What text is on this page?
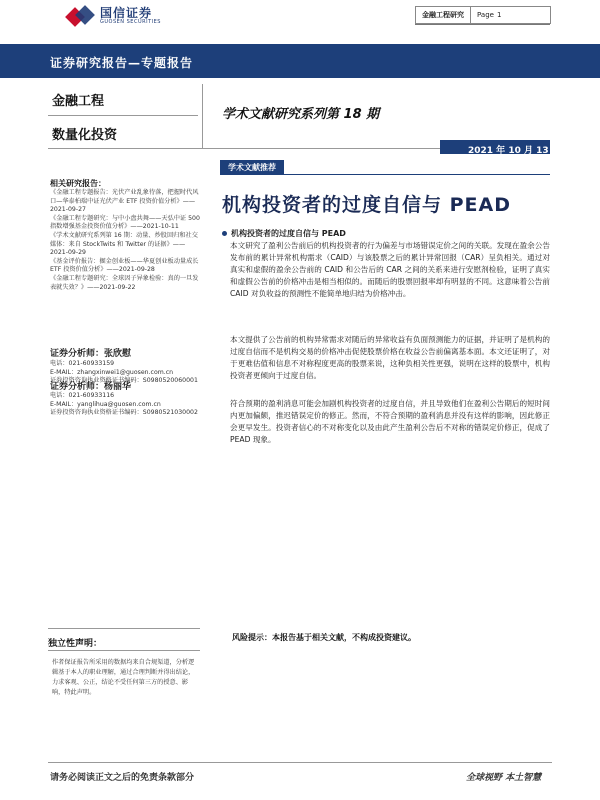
国信证券
GUOSEN SECURITIES
金融工程研究	Page 1
证券研究报告—专题报告
金融工程
数量化投资
学术文献研究系列第 18 期
2021 年 10 月 13 日
学术文献推荐
机构投资者的过度自信与 PEAD
机构投资者的过度自信与 PEAD
本文研究了盈利公告前后的机构投资者的行为偏差与市场错误定价之间的关联。发现在盈余公告发布前的累计异常机构需求（CAID）与该股票之后的累计异常回报（CAR）呈负相关。通过对真实和虚假的盈余公告前的 CAID 和公告后的 CAR 之间的关系来进行安慰剂检验，证明了真实和虚假公告前的价格冲击是相当相似的。而随后的股票回报率却有明显的不同。这意味着公告前 CAID 对负收益的预测性不能简单地归结为价格冲击。
本文提供了公告前的机构异常需求对随后的异常收益有负面预测能力的证据，并证明了是机构的过度自信而不是机构交易的价格冲击促使股票价格在收益公告前偏离基本面。本文还证明了，对于更难估值和信息不对称程度更高的股票来说，这种负相关性更强，说明在这样的股票中，机构投资者更倾向于过度自信。
符合预期的盈利消息可能会加剧机构投资者的过度自信，并且导致他们在盈利公告期后的短时间内更加偏颇，推迟错误定价的修正。然而，不符合预期的盈利消息并没有这样的影响，因此修正会更早发生。投资者信心的不对称变化以及由此产生盈利公告后不对称的错误定价修正，促成了 PEAD 现象。
风险提示：本报告基于相关文献，不构成投资建议。
相关研究报告：
《金融工程专题报告：光伏产业乱象待落，把握时代风口—华泰柏瑞中证光伏产业 ETF 投资价值分析》——2021-09-27
《金融工程专题研究：与中小盘共舞——天弘中证 500 指数增强基金投资价值分析》——2021-10-11
《学术文献研究系列第 16 期：动量、炒股回归和社交媒体：来自 StockTwits 和 Twitter 的证据》——2021-09-29
《基金评价报告：掘金创业板——华夏创业板动量成长 ETF 投资价值分析》——2021-09-28
《金融工程专题研究：全球因子异象检验：真的一旦发表就失效？》——2021-09-22
证券分析师：张欣慰
电话：021-60933159
E-MAIL：zhangxinwei1@guosen.com.cn
证券投资咨询执业资格证书编码：S0980520060001
证券分析师：杨丽华
电话：021-60933116
E-MAIL：yanglihua@guosen.com.cn
证券投资咨询执业资格证书编码：S0980521030002
独立性声明：
作者保证报告所采用的数据均来自合规渠道，分析逻辑基于本人的职业理解，通过合理判断并得出结论，力求客观、公正，结论不受任何第三方的授意、影响，特此声明。
请务必阅读正文之后的免责条款部分	全球视野 本土智慧
